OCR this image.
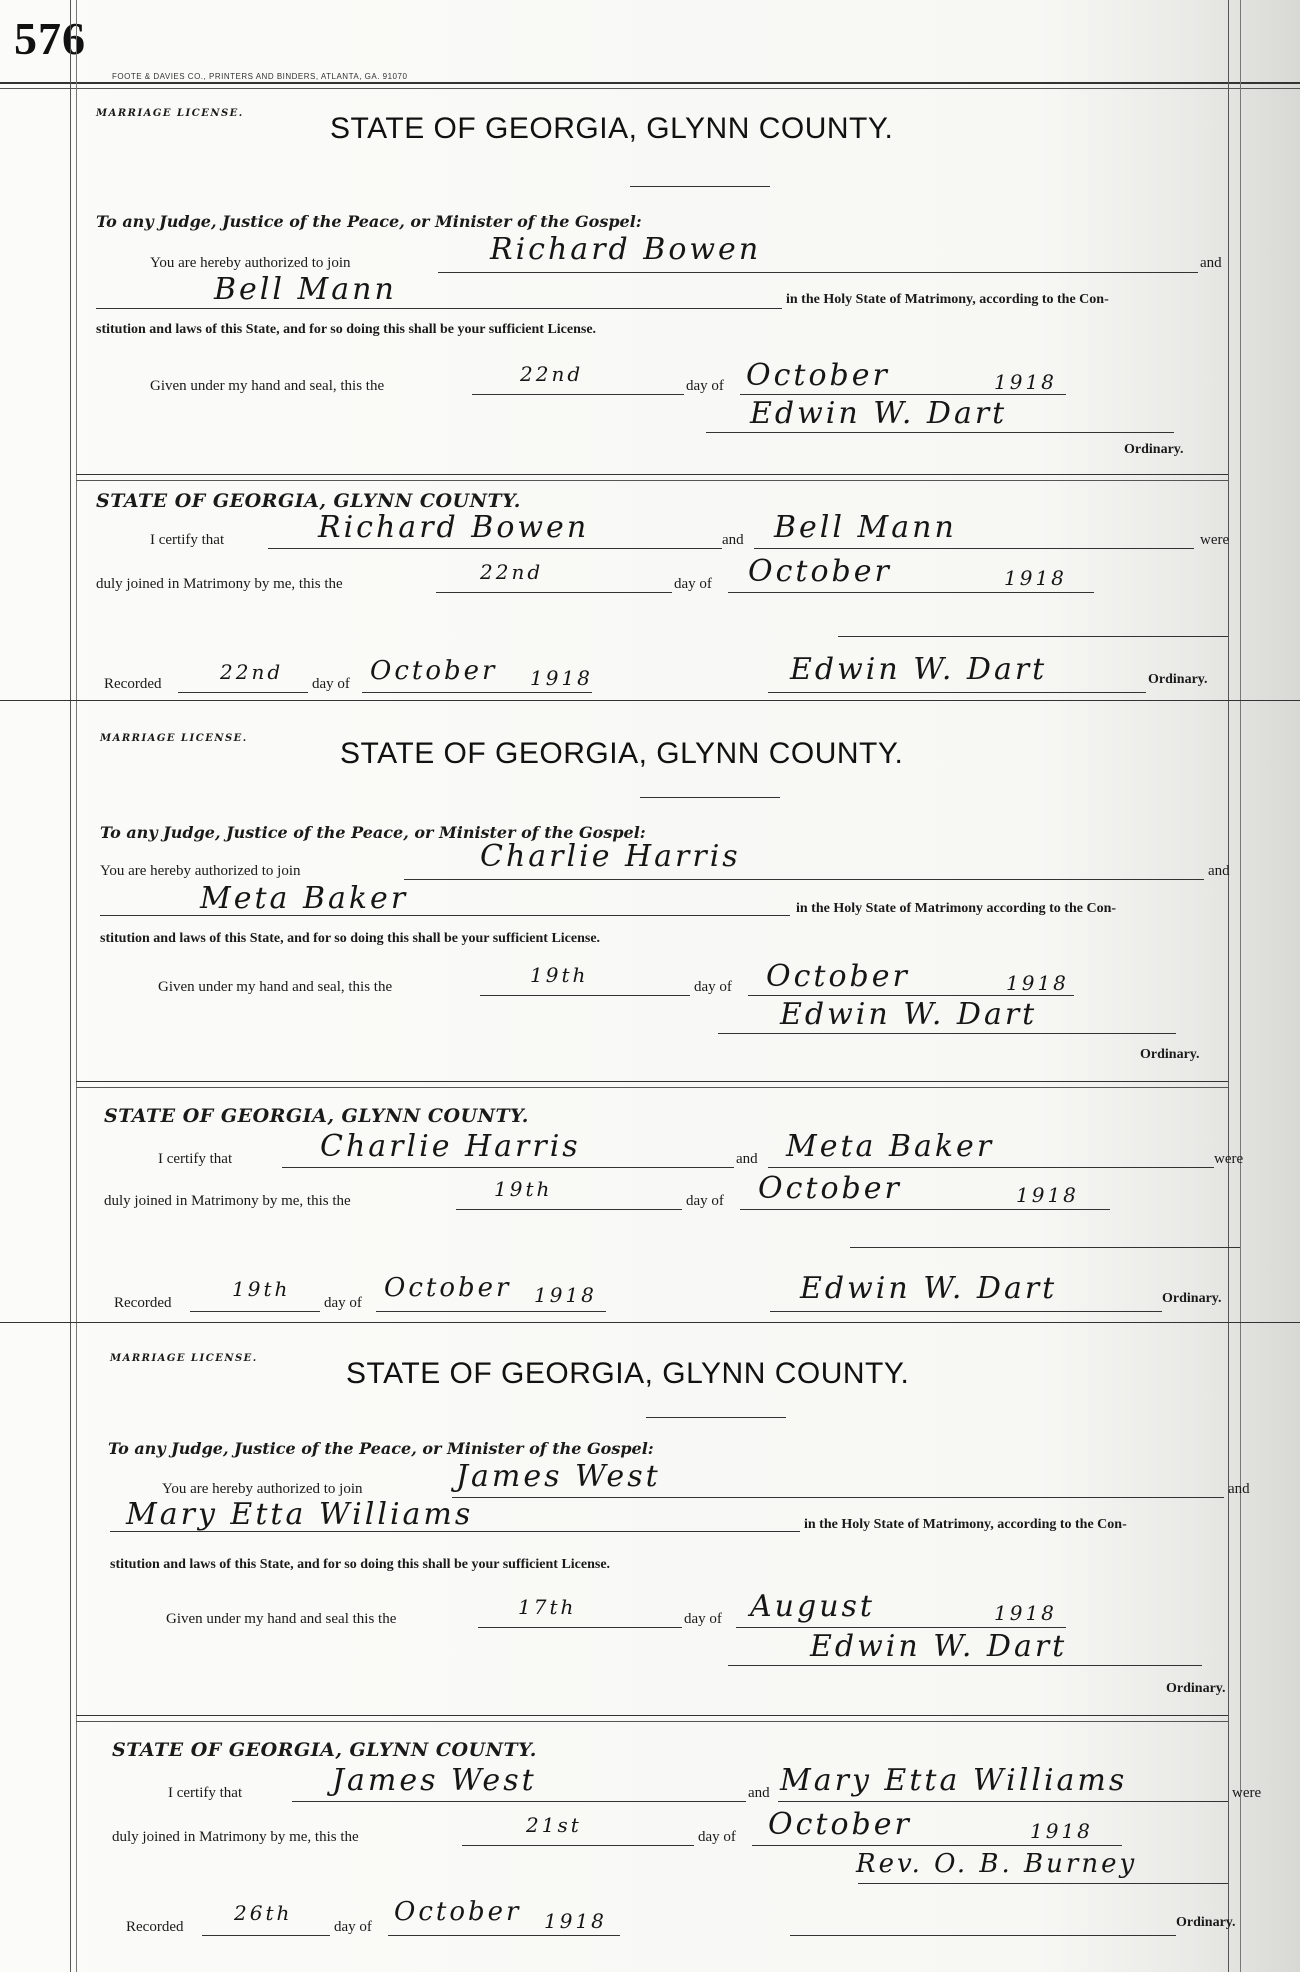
576
FOOTE & DAVIES CO., PRINTERS AND BINDERS, ATLANTA, GA. 91070
MARRIAGE LICENSE.	STATE OF GEORGIA, GLYNN COUNTY.
To any Judge, Justice of the Peace, or Minister of the Gospel:
You are hereby authorized to join	Richard Bowen	and
Bell Mann	in the Holy State of Matrimony, according to the Con-
stitution and laws of this State, and for so doing this shall be your sufficient License.
Given under my hand and seal, this the	22nd	day of October	1918
Edwin W. Dart
Ordinary.
STATE OF GEORGIA, GLYNN COUNTY.
I certify that	Richard Bowen	and Bell Mann	were
duly joined in Matrimony by me, this the	22nd	day of October	1918
Recorded	22nd day of October 1918	Edwin W. Dart	Ordinary.
MARRIAGE LICENSE.	STATE OF GEORGIA, GLYNN COUNTY.
To any Judge, Justice of the Peace, or Minister of the Gospel:
You are hereby authorized to join	Charlie Harris	and
Meta Baker	in the Holy State of Matrimony according to the Con-
stitution and laws of this State, and for so doing this shall be your sufficient License.
Given under my hand and seal, this the	19th	day of October	1918
Edwin W. Dart
Ordinary.
STATE OF GEORGIA, GLYNN COUNTY.
I certify that	Charlie Harris	and Meta Baker	were
duly joined in Matrimony by me, this the	19th	day of October	1918
Recorded
19th
day of October 1918	Edwin W. Dart	Ordinary.
MARRIAGE LICENSE.	STATE OF GEORGIA, GLYNN COUNTY.
To any Judge, Justice of the Peace, or Minister of the Gospel:
You are hereby authorized to join	James West	and
Mary Etta Williams	in the Holy State of Matrimony, according to the Con-
stitution and laws of this State, and for so doing this shall be your sufficient License.
Given under my hand and seal this the	17th	day of August	1918
Edwin W. Dart
Ordinary.
STATE OF GEORGIA, GLYNN COUNTY.
I certify that	James West	and Mary Etta Williams	were
duly joined in Matrimony by me, this the	21st	day of October	1918
Rev. O. B. Burney
Recorded
26th
day of October 1918	Ordinary.
